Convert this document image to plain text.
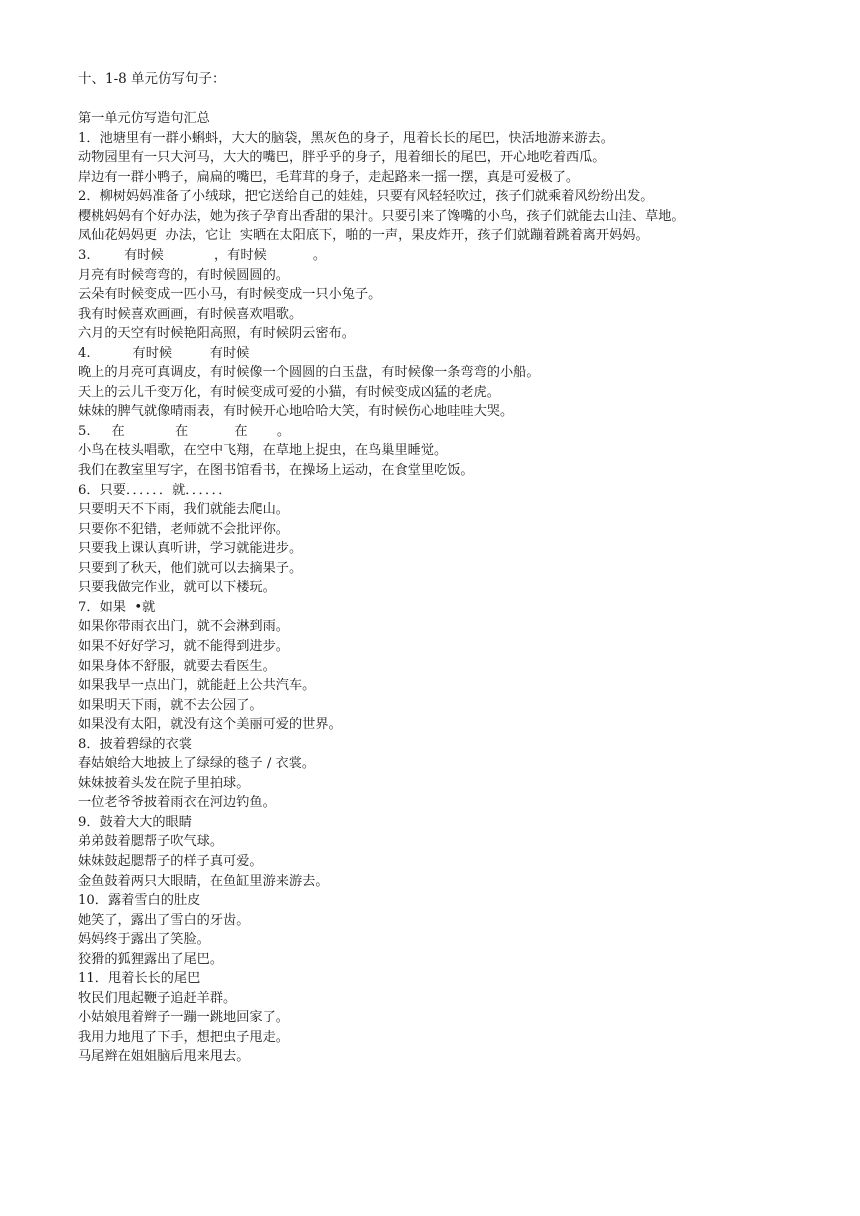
十、1-8 单元仿写句子：
第一单元仿写造句汇总
1．池塘里有一群小蝌蚪，大大的脑袋，黑灰色的身子，甩着长长的尾巴，快活地游来游去。
动物园里有一只大河马，大大的嘴巴，胖乎乎的身子，甩着细长的尾巴，开心地吃着西瓜。
岸边有一群小鸭子，扁扁的嘴巴，毛茸茸的身子，走起路来一摇一摆，真是可爱极了。
2．柳树妈妈准备了小绒球，把它送给自己的娃娃，只要有风轻轻吹过，孩子们就乘着风纷纷出发。
樱桃妈妈有个好办法，她为孩子孕育出香甜的果汁。只要引来了馋嘴的小鸟，孩子们就能去山洼、草地。
凤仙花妈妈更  办法，它让  实晒在太阳底下，啪的一声，果皮炸开，孩子们就蹦着跳着离开妈妈。
3.        有时候            ，有时候           。
月亮有时候弯弯的，有时候圆圆的。
云朵有时候变成一匹小马，有时候变成一只小兔子。
我有时候喜欢画画，有时候喜欢唱歌。
六月的天空有时候艳阳高照，有时候阴云密布。
4.          有时候         有时候
晚上的月亮可真调皮，有时候像一个圆圆的白玉盘，有时候像一条弯弯的小船。
天上的云儿千变万化，有时候变成可爱的小猫，有时候变成凶猛的老虎。
妹妹的脾气就像晴雨表，有时候开心地哈哈大笑，有时候伤心地哇哇大哭。
5.     在            在           在       。
小鸟在枝头唱歌，在空中飞翔，在草地上捉虫，在鸟巢里睡觉。
我们在教室里写字，在图书馆看书，在操场上运动，在食堂里吃饭。
6．只要．．．．．．就．．．．．．
只要明天不下雨，我们就能去爬山。
只要你不犯错，老师就不会批评你。
只要我上课认真听讲，学习就能进步。
只要到了秋天，他们就可以去摘果子。
只要我做完作业，就可以下楼玩。
7．如果  •就
如果你带雨衣出门，就不会淋到雨。
如果不好好学习，就不能得到进步。
如果身体不舒服，就要去看医生。
如果我早一点出门，就能赶上公共汽车。
如果明天下雨，就不去公园了。
如果没有太阳，就没有这个美丽可爱的世界。
8．披着碧绿的衣裳
春姑娘给大地披上了绿绿的毯子 / 衣裳。
妹妹披着头发在院子里拍球。
一位老爷爷披着雨衣在河边钓鱼。
9．鼓着大大的眼睛
弟弟鼓着腮帮子吹气球。
妹妹鼓起腮帮子的样子真可爱。
金鱼鼓着两只大眼睛，在鱼缸里游来游去。
10．露着雪白的肚皮
她笑了，露出了雪白的牙齿。
妈妈终于露出了笑脸。
狡猾的狐狸露出了尾巴。
11．甩着长长的尾巴
牧民们甩起鞭子追赶羊群。
小姑娘甩着辫子一蹦一跳地回家了。
我用力地甩了下手，想把虫子甩走。
马尾辫在姐姐脑后甩来甩去。
